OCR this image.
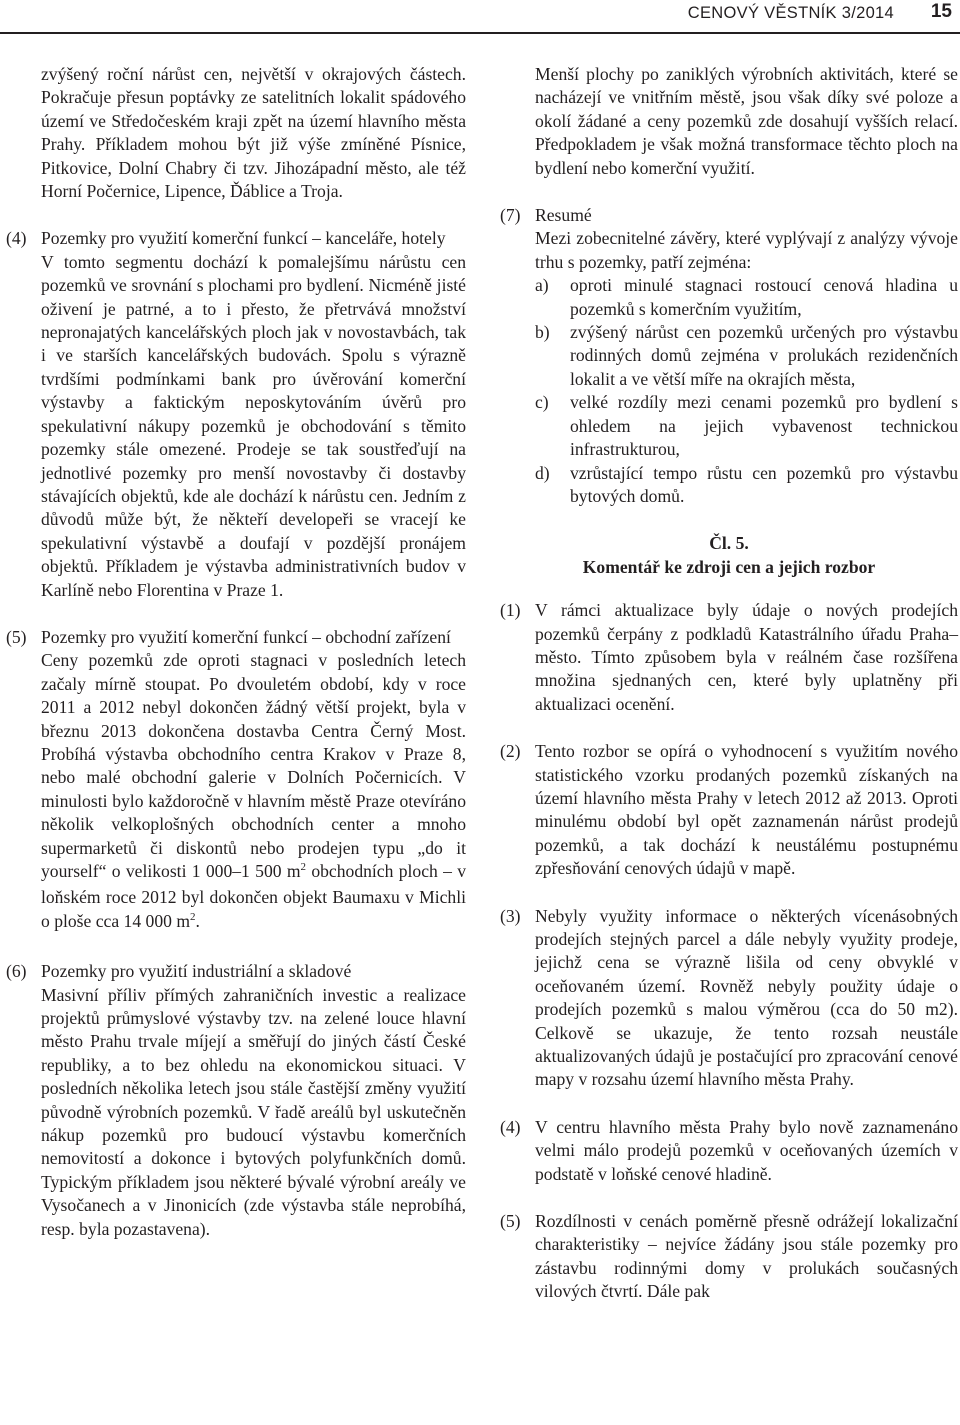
CENOVÝ VĚSTNÍK 3/2014 15

zvýšený roční nárůst cen, největší v okrajových částech. Pokračuje přesun poptávky ze satelitních lokalit spádového území ve Středočeském kraji zpět na území hlavního města Prahy. Příkladem mohou být již výše zmíněné Písnice, Pitkovice, Dolní Chabry či tzv. Jihozápadní město, ale též Horní Počernice, Lipence, Ďáblice a Troja.

(4) Pozemky pro využití komerční funkcí – kanceláře, hotely
V tomto segmentu dochází k pomalejšímu nárůstu cen pozemků ve srovnání s plochami pro bydlení. Nicméně jisté oživení je patrné, a to i přesto, že přetrvává množství nepronajatých kancelářských ploch jak v novostavbách, tak i ve starších kancelářských budovách. Spolu s výrazně tvrdšími podmínkami bank pro úvěrování komerční výstavby a faktickým neposkytováním úvěrů pro spekulativní nákupy pozemků je obchodování s těmito pozemky stále omezené. Prodeje se tak soustřeďují na jednotlivé pozemky pro menší novostavby či dostavby stávajících objektů, kde ale dochází k nárůstu cen. Jedním z důvodů může být, že někteří developeři se vracejí ke spekulativní výstavbě a doufají v pozdější pronájem objektů. Příkladem je výstavba administrativních budov v Karlíně nebo Florentina v Praze 1.
(5) Pozemky pro využití komerční funkcí – obchodní zařízení
Ceny pozemků zde oproti stagnaci v posledních letech začaly mírně stoupat. Po dvouletém období, kdy v roce 2011 a 2012 nebyl dokončen žádný větší projekt, byla v březnu 2013 dokončena dostavba Centra Černý Most. Probíhá výstavba obchodního centra Krakov v Praze 8, nebo malé obchodní galerie v Dolních Počernicích. V minulosti bylo každoročně v hlavním městě Praze otevíráno několik velkoplošných obchodních center a mnoho supermarketů či diskontů nebo prodejen typu „do it yourself“ o velikosti 1 000–1 500 $m^2$ obchodních ploch – v loňském roce 2012 byl dokončen objekt Baumaxu v Michli o ploše cca 14 000 $m^2$.
(6) Pozemky pro využití industriální a skladové
Masivní příliv přímých zahraničních investic a realizace projektů průmyslové výstavby tzv. na zelené louce hlavní město Prahu trvale míjejí a směřují do jiných částí České republiky, a to bez ohledu na ekonomickou situaci. V posledních několika letech jsou stále častější změny využití původně výrobních pozemků. V řadě areálů byl uskutečněn nákup pozemků pro budoucí výstavbu komerčních nemovitostí a dokonce i bytových polyfunkčních domů. Typickým příkladem jsou některé bývalé výrobní areály ve Vysočanech a v Jinonicích (zde výstavba stále neprobíhá, resp. byla pozastavena).

Menší plochy po zaniklých výrobních aktivitách, které se nacházejí ve vnitřním městě, jsou však díky své poloze a okolí žádané a ceny pozemků zde dosahují vyšších relací. Předpokladem je však možná transformace těchto ploch na bydlení nebo komerční využití.

(7) Resumé
Mezi zobecnitelné závěry, které vyplývají z analýzy vývoje trhu s pozemky, patří zejména:
a) oproti minulé stagnaci rostoucí cenová hladina u pozemků s komerčním využitím,
b) zvýšený nárůst cen pozemků určených pro výstavbu rodinných domů zejména v prolukách rezidenčních lokalit a ve větší míře na okrajích města,
c) velké rozdíly mezi cenami pozemků pro bydlení s ohledem na jejich vybavenost technickou infrastrukturou,
d) vzrůstající tempo růstu cen pozemků pro výstavbu bytových domů.

Čl. 5.

Komentář ke zdroji cen a jejich rozbor

(1) V rámci aktualizace byly údaje o nových prodejích pozemků čerpány z podkladů Katastrálního úřadu Praha–město. Tímto způsobem byla v reálném čase rozšířena množina sjednaných cen, které byly uplatněny při aktualizaci ocenění.
(2) Tento rozbor se opírá o vyhodnocení s využitím nového statistického vzorku prodaných pozemků získaných na území hlavního města Prahy v letech 2012 až 2013. Oproti minulému období byl opět zaznamenán nárůst prodejů pozemků, a tak dochází k neustálému postupnému zpřesňování cenových údajů v mapě.
(3) Nebyly využity informace o některých vícenásobných prodejích stejných parcel a dále nebyly využity prodeje, jejichž cena se výrazně lišila od ceny obvyklé v oceňovaném území. Rovněž nebyly použity údaje o prodejích pozemků s malou výměrou (cca do 50 m2). Celkově se ukazuje, že tento rozsah neustále aktualizovaných údajů je postačující pro zpracování cenové mapy v rozsahu území hlavního města Prahy.
(4) V centru hlavního města Prahy bylo nově zaznamenáno velmi málo prodejů pozemků v oceňovaných územích v podstatě v loňské cenové hladině.
(5) Rozdílnosti v cenách poměrně přesně odrážejí lokalizační charakteristiky – nejvíce žádány jsou stále pozemky pro zástavbu rodinnými domy v prolukách současných vilových čtvrtí. Dále pak
